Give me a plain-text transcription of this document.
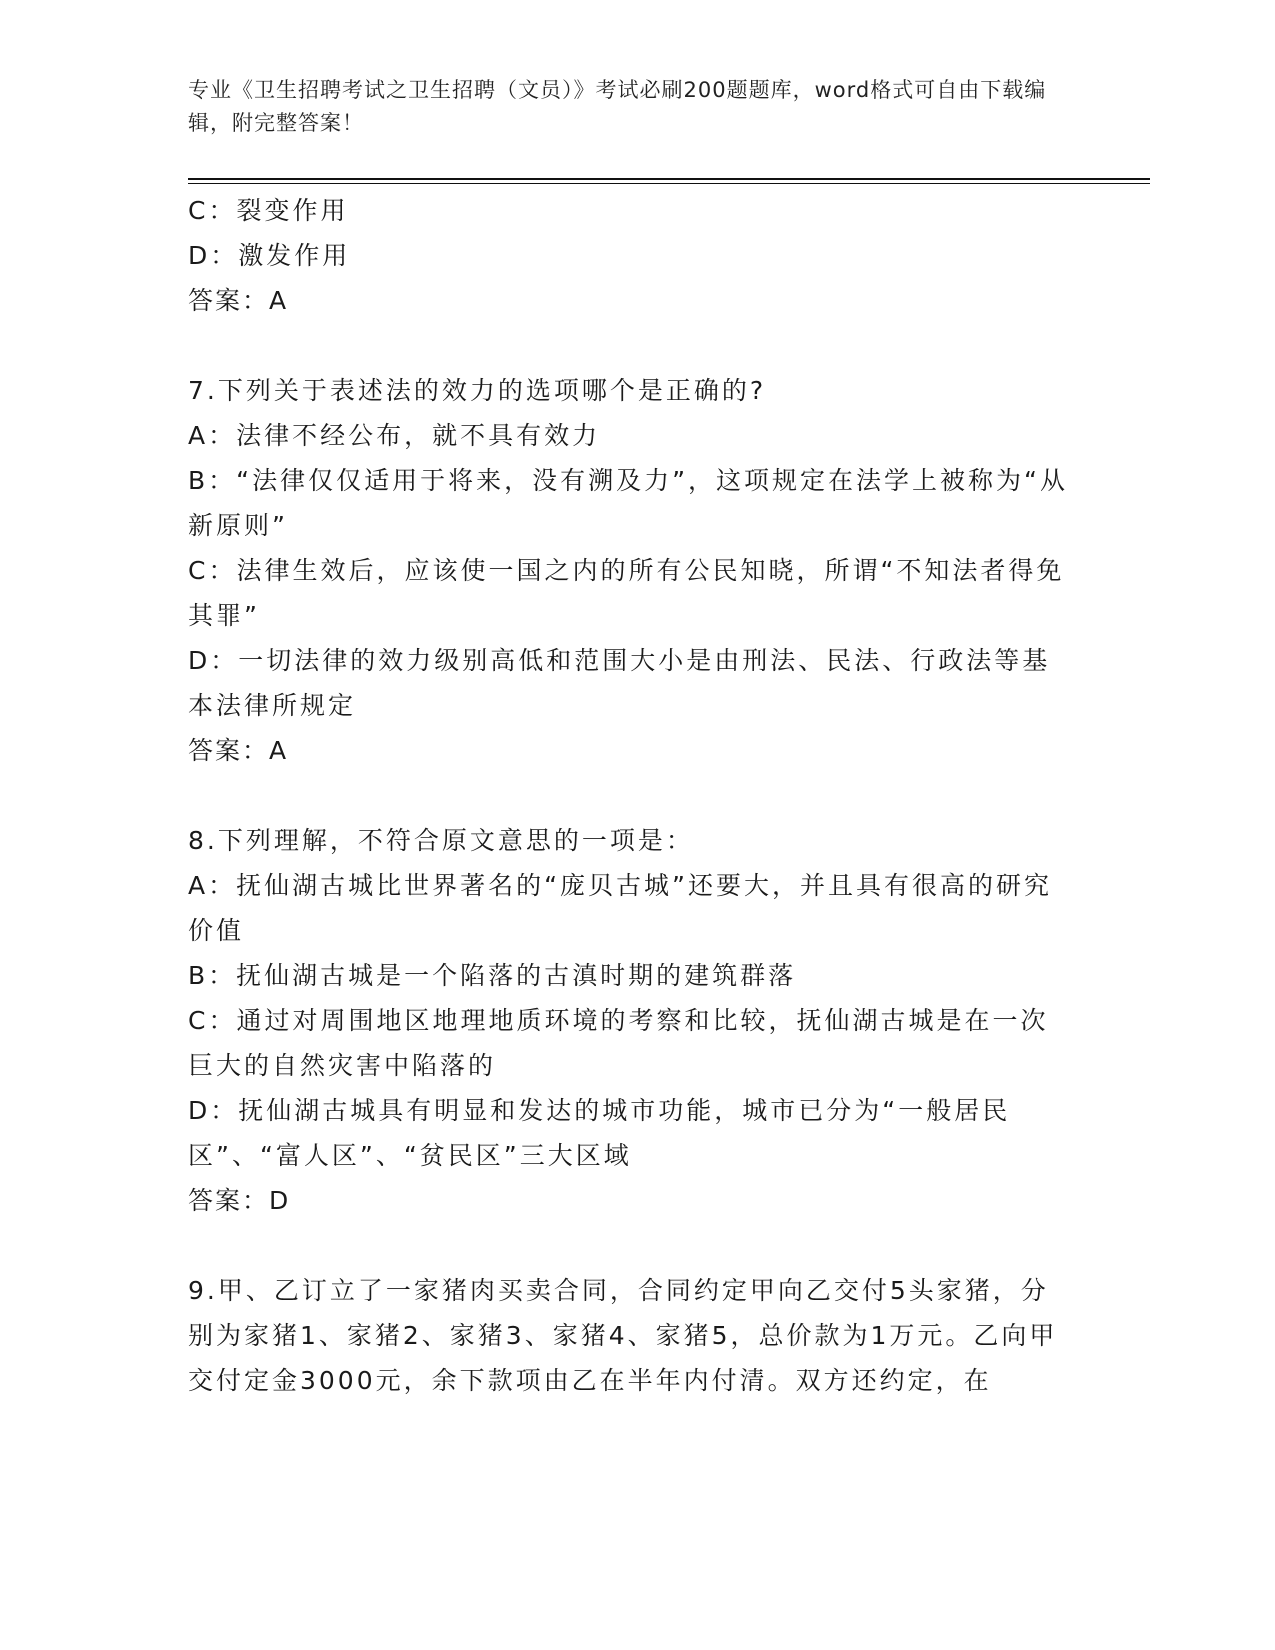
专业《卫生招聘考试之卫生招聘（文员）》考试必刷200题题库，word格式可自由下载编辑，附完整答案！

C：裂变作用

D：激发作用

答案：A

7.下列关于表述法的效力的选项哪个是正确的?

A：法律不经公布，就不具有效力

B：“法律仅仅适用于将来，没有溯及力”，这项规定在法学上被称为“从新原则”

C：法律生效后，应该使一国之内的所有公民知晓，所谓“不知法者得免其罪”

D：一切法律的效力级别高低和范围大小是由刑法、民法、行政法等基本法律所规定

答案：A

8.下列理解，不符合原文意思的一项是：

A：抚仙湖古城比世界著名的“庞贝古城”还要大，并且具有很高的研究价值

B：抚仙湖古城是一个陷落的古滇时期的建筑群落

C：通过对周围地区地理地质环境的考察和比较，抚仙湖古城是在一次巨大的自然灾害中陷落的

D：抚仙湖古城具有明显和发达的城市功能，城市已分为“一般居民区”、“富人区”、“贫民区”三大区域

答案：D

9.甲、乙订立了一家猪肉买卖合同，合同约定甲向乙交付5头家猪，分别为家猪1、家猪2、家猪3、家猪4、家猪5，总价款为1万元。乙向甲交付定金3000元，余下款项由乙在半年内付清。双方还约定，在
